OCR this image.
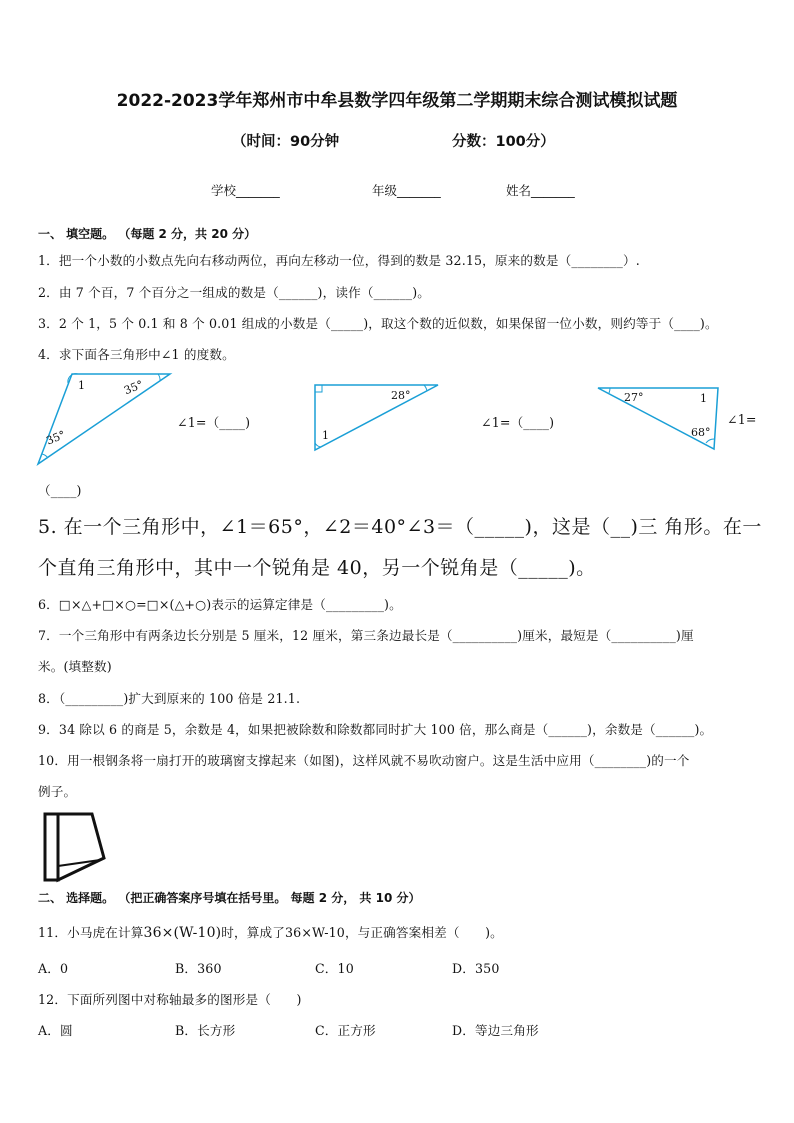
2022-2023学年郑州市中牟县数学四年级第二学期期末综合测试模拟试题
（时间：90分钟	分数：100分）
学校_______	年级_______	姓名_______
一、 填空题。 （每题 2 分，共 20 分）
1．把一个小数的小数点先向右移动两位，再向左移动一位，得到的数是 32.15，原来的数是（________）.
2．由 7 个百，7 个百分之一组成的数是（______)，读作（______)。
3．2 个 1，5 个 0.1 和 8 个 0.01 组成的小数是（_____)，取这个数的近似数，如果保留一位小数，则约等于（____)。
4．求下面各三角形中∠1 的度数。
1	35°
35°
∠1=（____)
28°
1
∠1=（____)
27°	1
68°
∠1=
（____)
5. 在一个三角形中，∠1＝65°，∠2＝40°∠3＝（_____)，这是（__)三 角形。在一
个直角三角形中，其中一个锐角是 40，另一个锐角是（_____)。
6．□×△+□×○=□×(△+○)表示的运算定律是（_________)。
7．一个三角形中有两条边长分别是 5 厘米，12 厘米，第三条边最长是（__________)厘米，最短是（__________)厘
米。(填整数)
8．（_________)扩大到原来的 100 倍是 21.1.
9．34 除以 6 的商是 5，余数是 4，如果把被除数和除数都同时扩大 100 倍，那么商是（______)，余数是（______)。
10．用一根钢条将一扇打开的玻璃窗支撑起来（如图)，这样风就不易吹动窗户。这是生活中应用（________)的一个
例子。
二、 选择题。 （把正确答案序号填在括号里。 每题 2 分， 共 10 分）
11．小马虎在计算36×(W-10)时，算成了36×W-10，与正确答案相差（　　)。
A．0	B．360	C．10	D．350
12．下面所列图中对称轴最多的图形是（　　)
A．圆	B．长方形	C．正方形	D．等边三角形
